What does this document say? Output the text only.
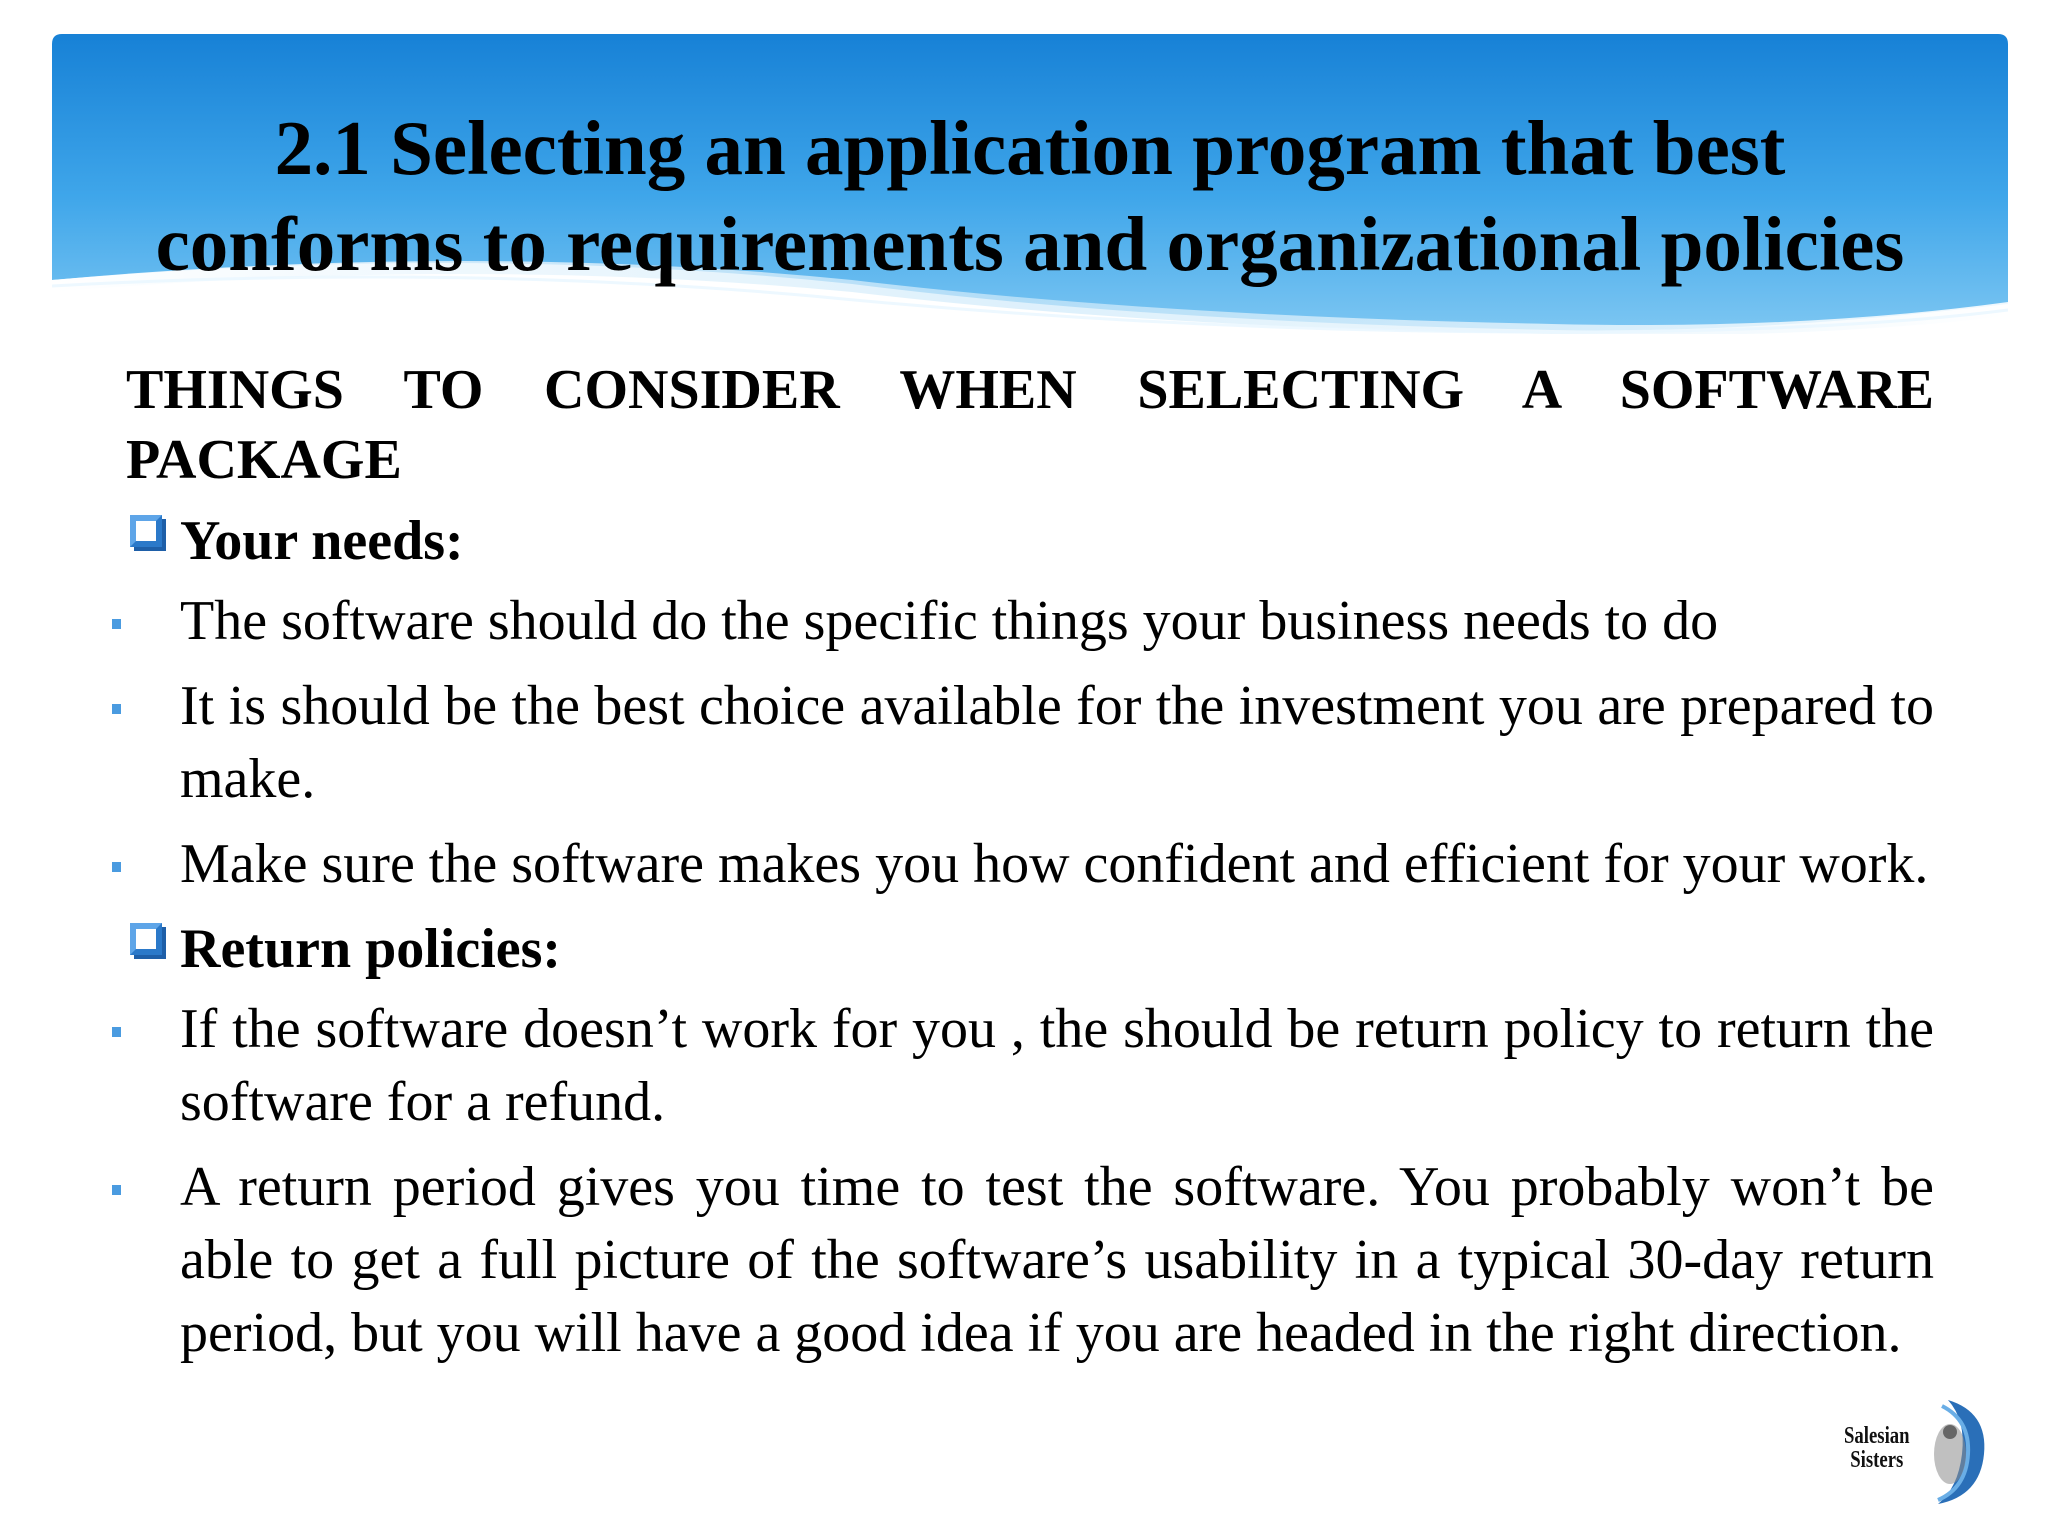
2.1 Selecting an application program that best
conforms to requirements and organizational policies

THINGS TO CONSIDER WHEN SELECTING A SOFTWARE PACKAGE

Your needs:

The software should do the specific things your business needs to do

It is should be the best choice available for the investment you are prepared to make.

Make sure the software makes you how confident and efficient for your work.

Return policies:

If the software doesn’t work for you , the should be return policy to return the software for a refund.

A return period gives you time to test the software. You probably won’t be able to get a full picture of the software’s usability in a typical 30-day return period, but you will have a good idea if you are headed in the right direction.

Salesian
Sisters
